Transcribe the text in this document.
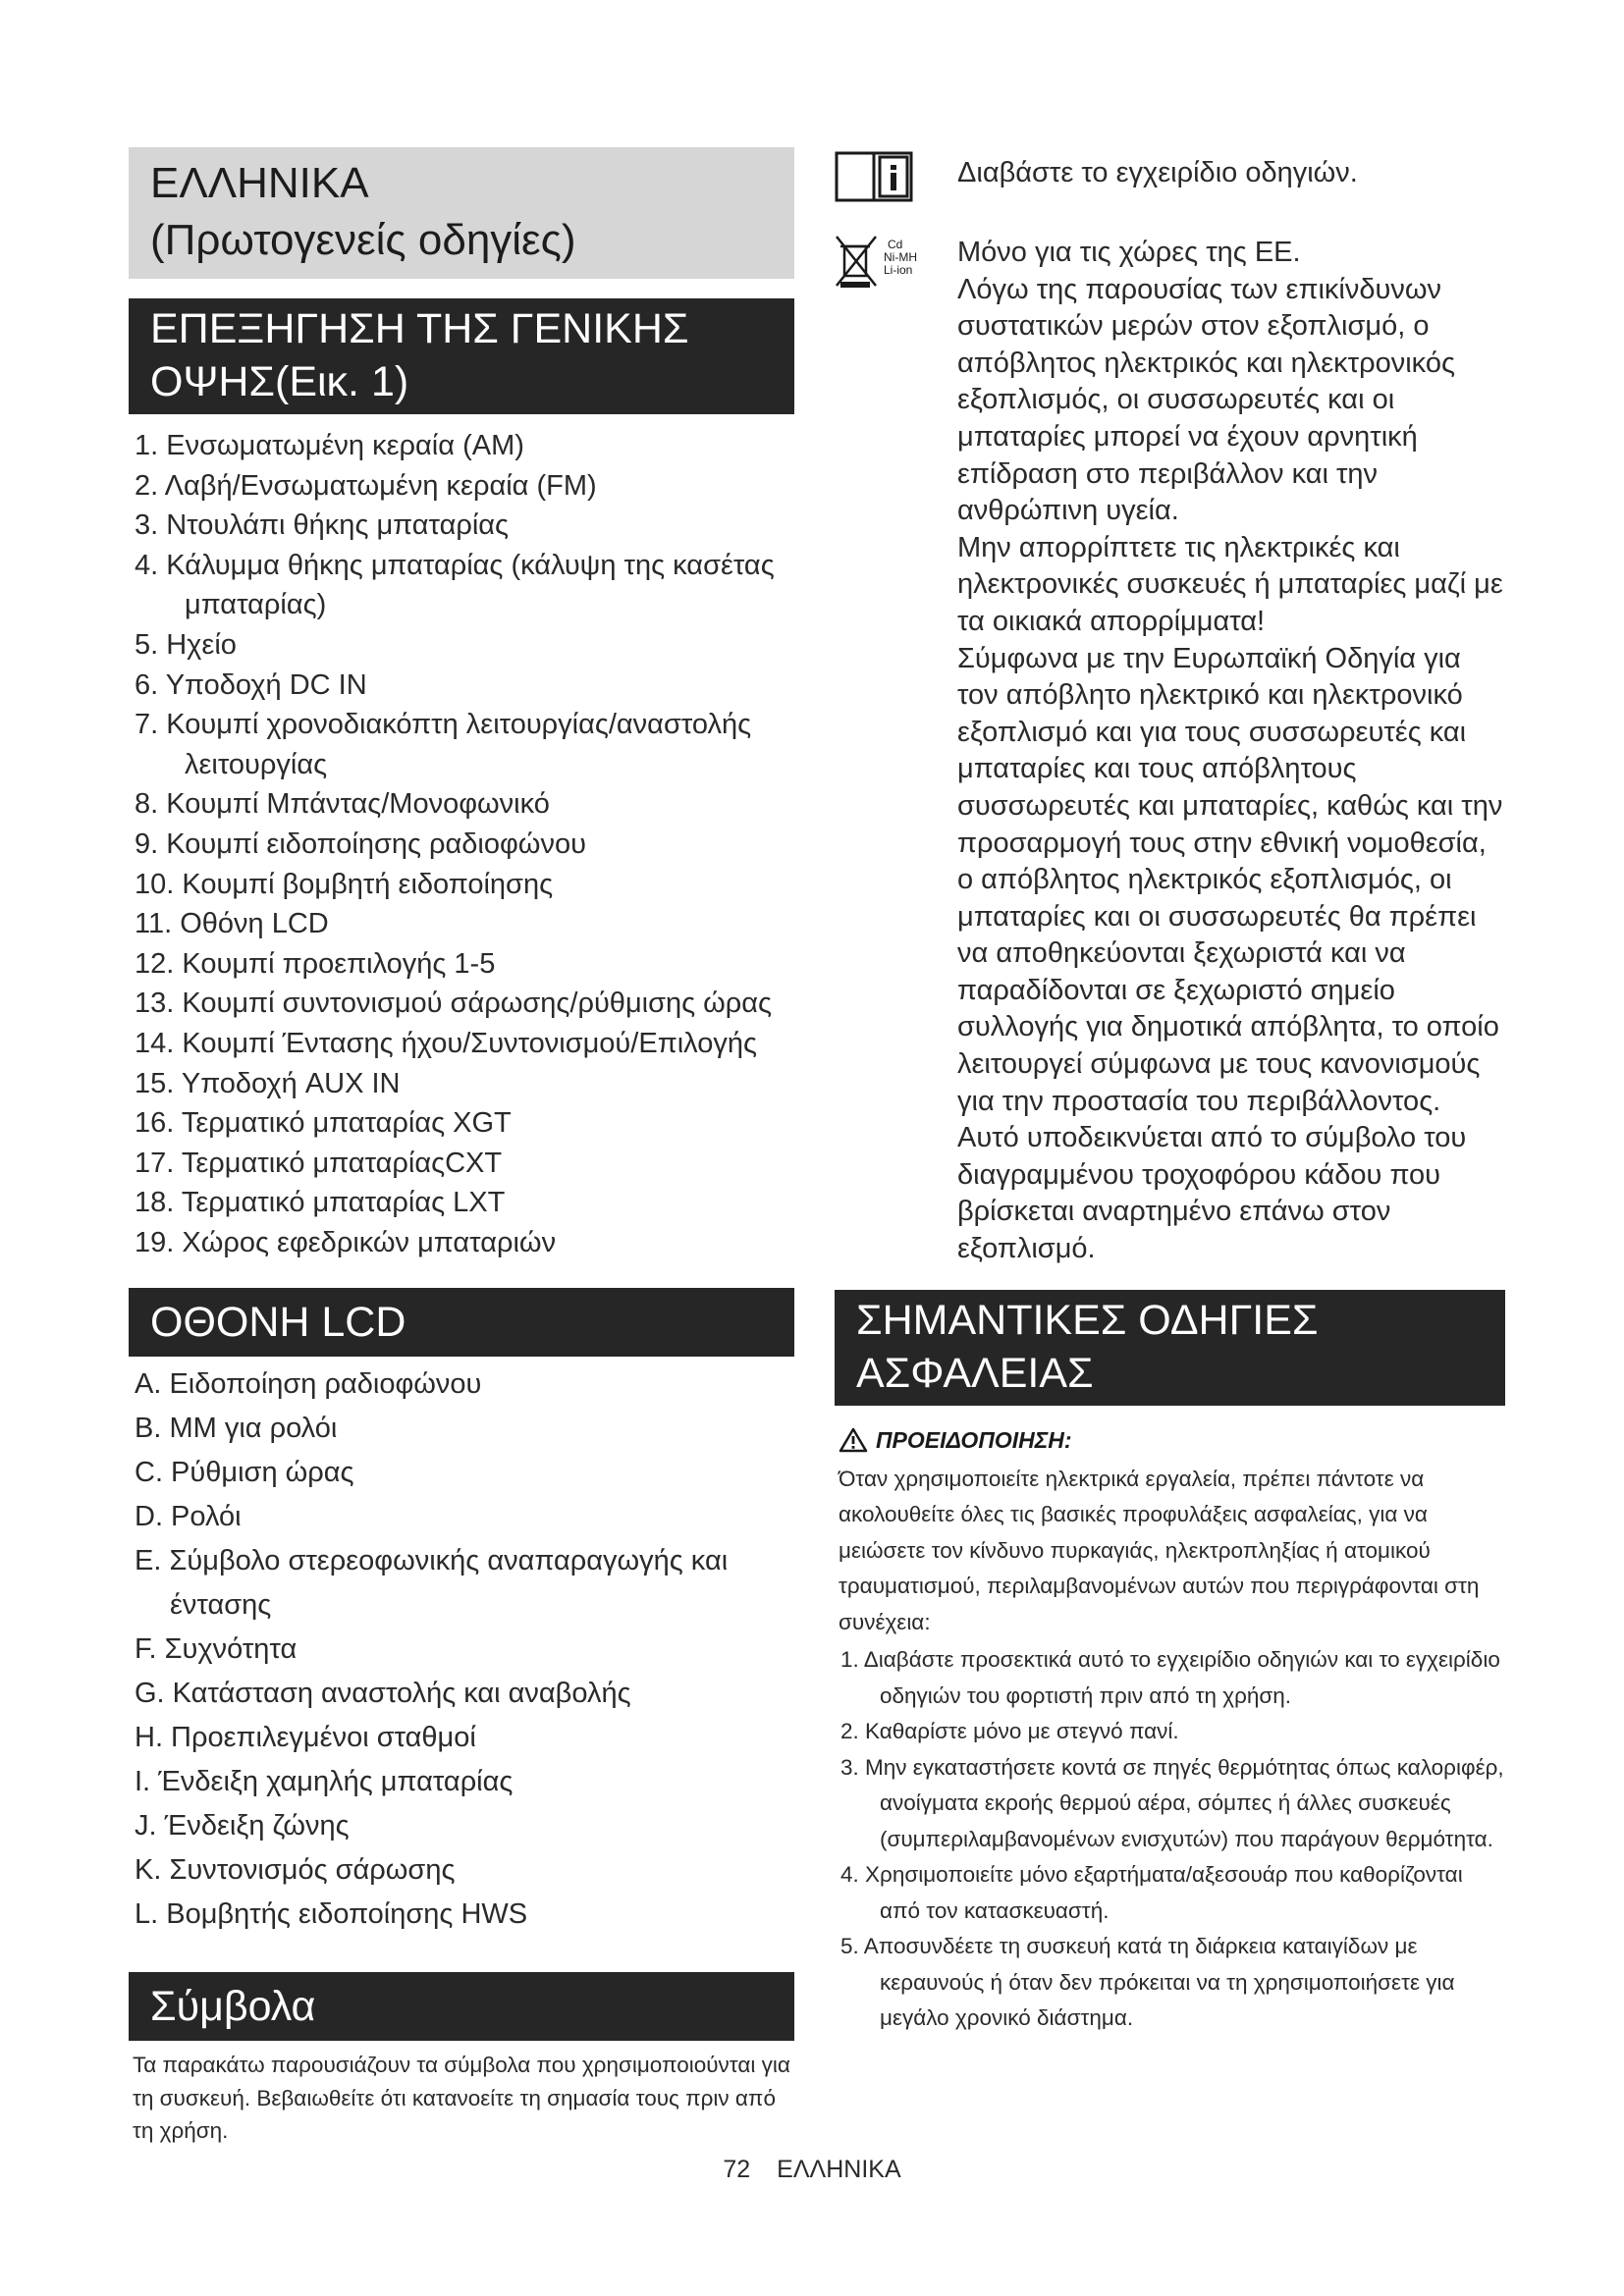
ΕΛΛΗΝΙΚΑ
(Πρωτογενείς οδηγίες)
ΕΠΕΞΗΓΗΣΗ ΤΗΣ ΓΕΝΙΚΗΣ
ΟΨΗΣ(Εικ. 1)
1. Ενσωματωμένη κεραία (AM)
2. Λαβή/Ενσωματωμένη κεραία (FM)
3. Ντουλάπι θήκης μπαταρίας
4. Κάλυμμα θήκης μπαταρίας (κάλυψη της κασέτας μπαταρίας)
5. Ηχείο
6. Υποδοχή DC IN
7. Κουμπί χρονοδιακόπτη λειτουργίας/αναστολής λειτουργίας
8. Κουμπί Μπάντας/Μονοφωνικό
9. Κουμπί ειδοποίησης ραδιοφώνου
10. Κουμπί βομβητή ειδοποίησης
11. Οθόνη LCD
12. Κουμπί προεπιλογής 1-5
13. Κουμπί συντονισμού σάρωσης/ρύθμισης ώρας
14. Κουμπί Έντασης ήχου/Συντονισμού/Επιλογής
15. Υποδοχή AUX IN
16. Τερματικό μπαταρίας XGT
17. Τερματικό μπαταρίαςCXT
18. Τερματικό μπαταρίας LXT
19. Χώρος εφεδρικών μπαταριών
ΟΘΟΝΗ LCD
A. Ειδοποίηση ραδιοφώνου
B. MM για ρολόι
C. Ρύθμιση ώρας
D. Ρολόι
E. Σύμβολο στερεοφωνικής αναπαραγωγής και έντασης
F. Συχνότητα
G. Κατάσταση αναστολής και αναβολής
H. Προεπιλεγμένοι σταθμοί
I. Ένδειξη χαμηλής μπαταρίας
J. Ένδειξη ζώνης
K. Συντονισμός σάρωσης
L. Βομβητής ειδοποίησης HWS
Σύμβολα
Τα παρακάτω παρουσιάζουν τα σύμβολα που χρησιμοποιούνται για τη συσκευή. Βεβαιωθείτε ότι κατανοείτε τη σημασία τους πριν από τη χρήση.
Διαβάστε το εγχειρίδιο οδηγιών.
Cd
Ni-MH
Li-ion
Μόνο για τις χώρες της ΕΕ.
Λόγω της παρουσίας των επικίνδυνων συστατικών μερών στον εξοπλισμό, ο απόβλητος ηλεκτρικός και ηλεκτρονικός εξοπλισμός, οι συσσωρευτές και οι μπαταρίες μπορεί να έχουν αρνητική επίδραση στο περιβάλλον και την ανθρώπινη υγεία.
Μην απορρίπτετε τις ηλεκτρικές και ηλεκτρονικές συσκευές ή μπαταρίες μαζί με τα οικιακά απορρίμματα!
Σύμφωνα με την Ευρωπαϊκή Οδηγία για τον απόβλητο ηλεκτρικό και ηλεκτρονικό εξοπλισμό και για τους συσσωρευτές και μπαταρίες και τους απόβλητους συσσωρευτές και μπαταρίες, καθώς και την προσαρμογή τους στην εθνική νομοθεσία, ο απόβλητος ηλεκτρικός εξοπλισμός, οι μπαταρίες και οι συσσωρευτές θα πρέπει να αποθηκεύονται ξεχωριστά και να παραδίδονται σε ξεχωριστό σημείο συλλογής για δημοτικά απόβλητα, το οποίο λειτουργεί σύμφωνα με τους κανονισμούς για την προστασία του περιβάλλοντος.
Αυτό υποδεικνύεται από το σύμβολο του διαγραμμένου τροχοφόρου κάδου που βρίσκεται αναρτημένο επάνω στον εξοπλισμό.
ΣΗΜΑΝΤΙΚΕΣ ΟΔΗΓΙΕΣ
ΑΣΦΑΛΕΙΑΣ
ΠΡΟΕΙΔΟΠΟΙΗΣΗ:
Όταν χρησιμοποιείτε ηλεκτρικά εργαλεία, πρέπει πάντοτε να ακολουθείτε όλες τις βασικές προφυλάξεις ασφαλείας, για να μειώσετε τον κίνδυνο πυρκαγιάς, ηλεκτροπληξίας ή ατομικού τραυματισμού, περιλαμβανομένων αυτών που περιγράφονται στη συνέχεια:
1. Διαβάστε προσεκτικά αυτό το εγχειρίδιο οδηγιών και το εγχειρίδιο οδηγιών του φορτιστή πριν από τη χρήση.
2. Καθαρίστε μόνο με στεγνό πανί.
3. Μην εγκαταστήσετε κοντά σε πηγές θερμότητας όπως καλοριφέρ, ανοίγματα εκροής θερμού αέρα, σόμπες ή άλλες συσκευές (συμπεριλαμβανομένων ενισχυτών) που παράγουν θερμότητα.
4. Χρησιμοποιείτε μόνο εξαρτήματα/αξεσουάρ που καθορίζονται από τον κατασκευαστή.
5. Αποσυνδέετε τη συσκευή κατά τη διάρκεια καταιγίδων με κεραυνούς ή όταν δεν πρόκειται να τη χρησιμοποιήσετε για μεγάλο χρονικό διάστημα.
72 ΕΛΛΗΝΙΚΑ
